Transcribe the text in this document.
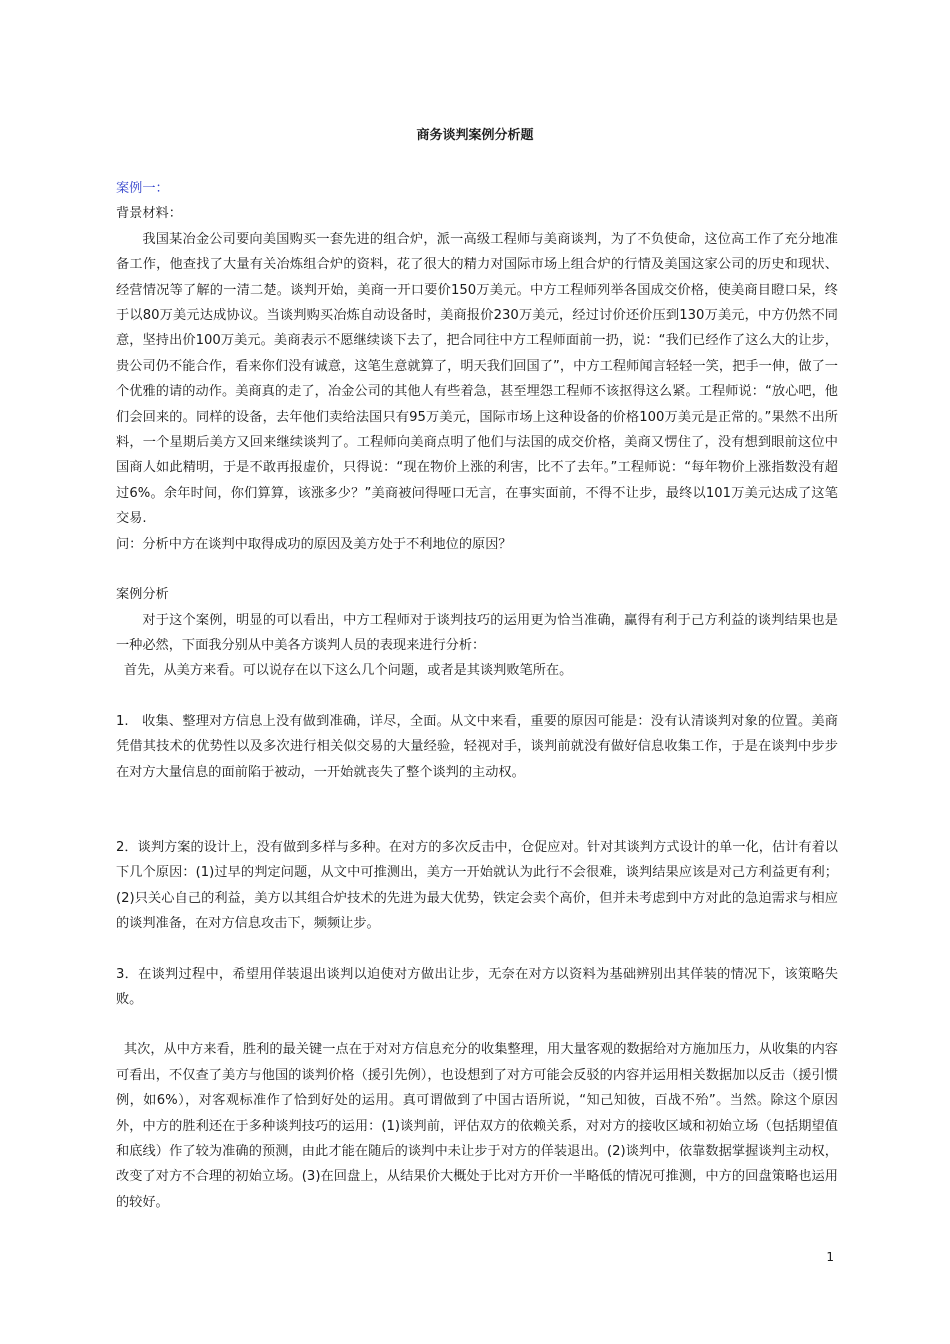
商务谈判案例分析题

案例一：

背景材料：

我国某冶金公司要向美国购买一套先进的组合炉，派一高级工程师与美商谈判，为了不负使命，这位高工作了充分地准备工作，他查找了大量有关冶炼组合炉的资料，花了很大的精力对国际市场上组合炉的行情及美国这家公司的历史和现状、经营情况等了解的一清二楚。谈判开始，美商一开口要价150万美元。中方工程师列举各国成交价格，使美商目瞪口呆，终于以80万美元达成协议。当谈判购买冶炼自动设备时，美商报价230万美元，经过讨价还价压到130万美元，中方仍然不同意，坚持出价100万美元。美商表示不愿继续谈下去了，把合同往中方工程师面前一扔，说：“我们已经作了这么大的让步，贵公司仍不能合作，看来你们没有诚意，这笔生意就算了，明天我们回国了”，中方工程师闻言轻轻一笑，把手一伸，做了一个优雅的请的动作。美商真的走了，冶金公司的其他人有些着急，甚至埋怨工程师不该抠得这么紧。工程师说：“放心吧，他们会回来的。同样的设备，去年他们卖给法国只有95万美元，国际市场上这种设备的价格100万美元是正常的。”果然不出所料，一个星期后美方又回来继续谈判了。工程师向美商点明了他们与法国的成交价格，美商又愣住了，没有想到眼前这位中国商人如此精明，于是不敢再报虚价，只得说：“现在物价上涨的利害，比不了去年。”工程师说：“每年物价上涨指数没有超过6%。余年时间，你们算算，该涨多少？”美商被问得哑口无言，在事实面前，不得不让步，最终以101万美元达成了这笔交易.

问：分析中方在谈判中取得成功的原因及美方处于不利地位的原因？

案例分析

对于这个案例，明显的可以看出，中方工程师对于谈判技巧的运用更为恰当准确，赢得有利于己方利益的谈判结果也是一种必然，下面我分别从中美各方谈判人员的表现来进行分析：

首先，从美方来看。可以说存在以下这么几个问题，或者是其谈判败笔所在。

1.　收集、整理对方信息上没有做到准确，详尽，全面。从文中来看，重要的原因可能是：没有认清谈判对象的位置。美商凭借其技术的优势性以及多次进行相关似交易的大量经验，轻视对手，谈判前就没有做好信息收集工作，于是在谈判中步步在对方大量信息的面前陷于被动，一开始就丧失了整个谈判的主动权。

2．谈判方案的设计上，没有做到多样与多种。在对方的多次反击中，仓促应对。针对其谈判方式设计的单一化，估计有着以下几个原因：(1)过早的判定问题，从文中可推测出，美方一开始就认为此行不会很难，谈判结果应该是对己方利益更有利；(2)只关心自己的利益，美方以其组合炉技术的先进为最大优势，铁定会卖个高价，但并未考虑到中方对此的急迫需求与相应的谈判准备，在对方信息攻击下，频频让步。

3．在谈判过程中，希望用佯装退出谈判以迫使对方做出让步，无奈在对方以资料为基础辨别出其佯装的情况下，该策略失败。

其次，从中方来看，胜利的最关键一点在于对对方信息充分的收集整理，用大量客观的数据给对方施加压力，从收集的内容可看出，不仅查了美方与他国的谈判价格（援引先例），也设想到了对方可能会反驳的内容并运用相关数据加以反击（援引惯例，如6%），对客观标准作了恰到好处的运用。真可谓做到了中国古语所说，“知己知彼，百战不殆”。当然。除这个原因外，中方的胜利还在于多种谈判技巧的运用：(1)谈判前，评估双方的依赖关系，对对方的接收区域和初始立场（包括期望值和底线）作了较为准确的预测，由此才能在随后的谈判中未让步于对方的佯装退出。(2)谈判中，依靠数据掌握谈判主动权，改变了对方不合理的初始立场。(3)在回盘上，从结果价大概处于比对方开价一半略低的情况可推测，中方的回盘策略也运用的较好。

1
